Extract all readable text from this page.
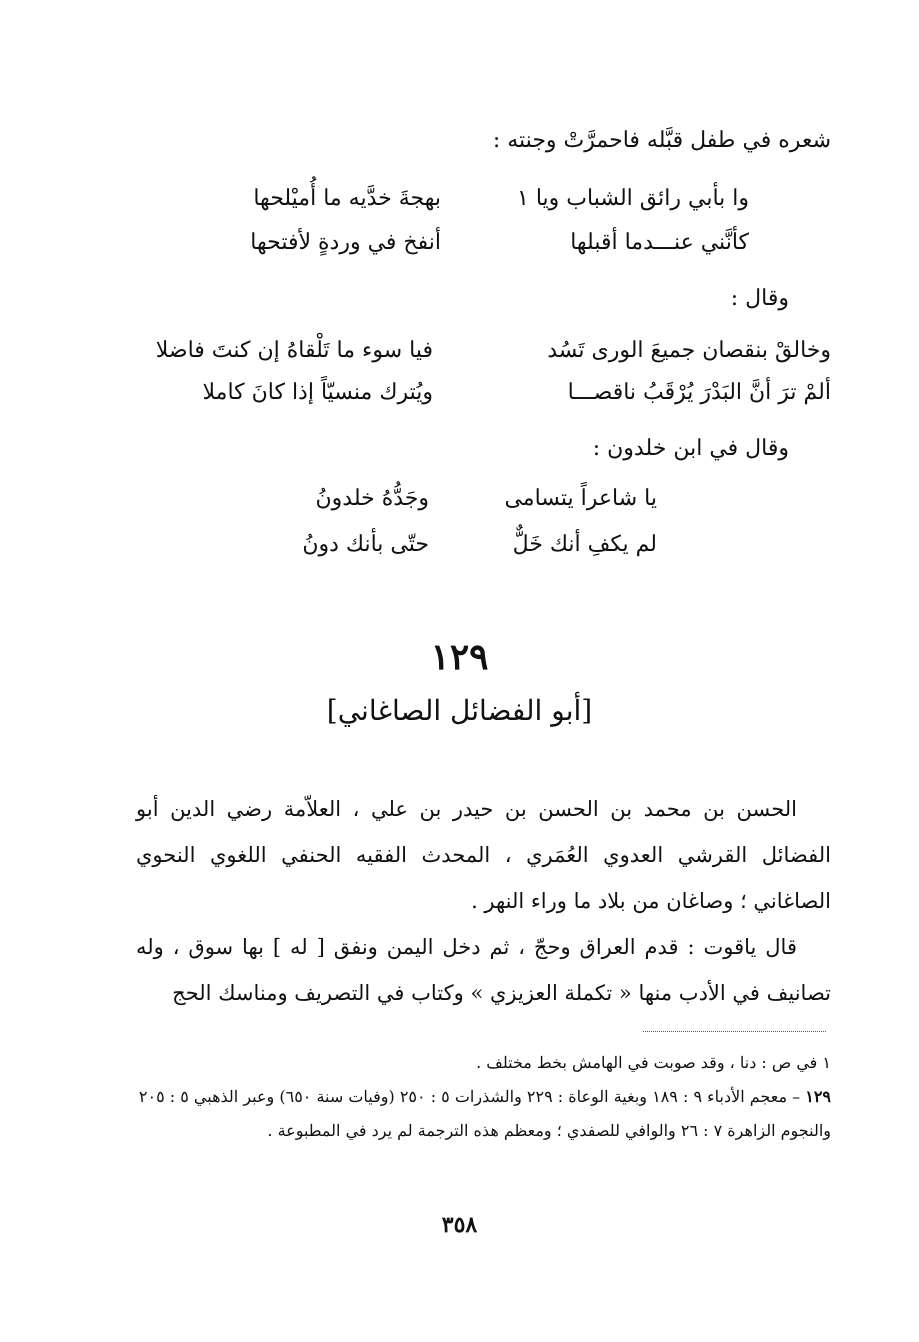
شعره في طفل قبَّله فاحمرَّتْ وجنته :
وا بأبي رائق الشباب ويا ١
بهجةَ خدَّيه ما أُميْلحها
كأنَّني عنـــدما أقبلها
أنفخ في وردةٍ لأفتحها
وقال :
وخالقْ بنقصان جميعَ الورى تَسُد
فيا سوء ما تَلْقاهُ إن كنتَ فاضلا
ألمْ ترَ أنَّ البَدْرَ يُرْقَبُ ناقصـــا
ويُترك منسيّاً إذا كانَ كاملا
وقال في ابن خلدون :
يا شاعراً يتسامى
وجَدُّهُ خلدونُ
لم يكفِ أنك خَلٌّ
حتّى بأنك دونُ
١٢٩
[أبو الفضائل الصاغاني]

الحسن بن محمد بن الحسن بن حيدر بن علي ، العلاّمة رضي الدين أبو الفضائل القرشي العدوي العُمَري ، المحدث الفقيه الحنفي اللغوي النحوي الصاغاني ؛ وصاغان من بلاد ما وراء النهر .

قال ياقوت : قدم العراق وحجّ ، ثم دخل اليمن ونفق [ له ] بها سوق ، وله تصانيف في الأدب منها « تكملة العزيزي » وكتاب في التصريف ومناسك الحج

١ في ص : دنا ، وقد صوبت في الهامش بخط مختلف .

١٢٩ – معجم الأدباء ٩ : ١٨٩ وبغية الوعاة : ٢٢٩ والشذرات ٥ : ٢٥٠ (وفيات سنة ٦٥٠) وعبر الذهبي ٥ : ٢٠٥ والنجوم الزاهرة ٧ : ٢٦ والوافي للصفدي ؛ ومعظم هذه الترجمة لم يرد في المطبوعة .

٣٥٨
